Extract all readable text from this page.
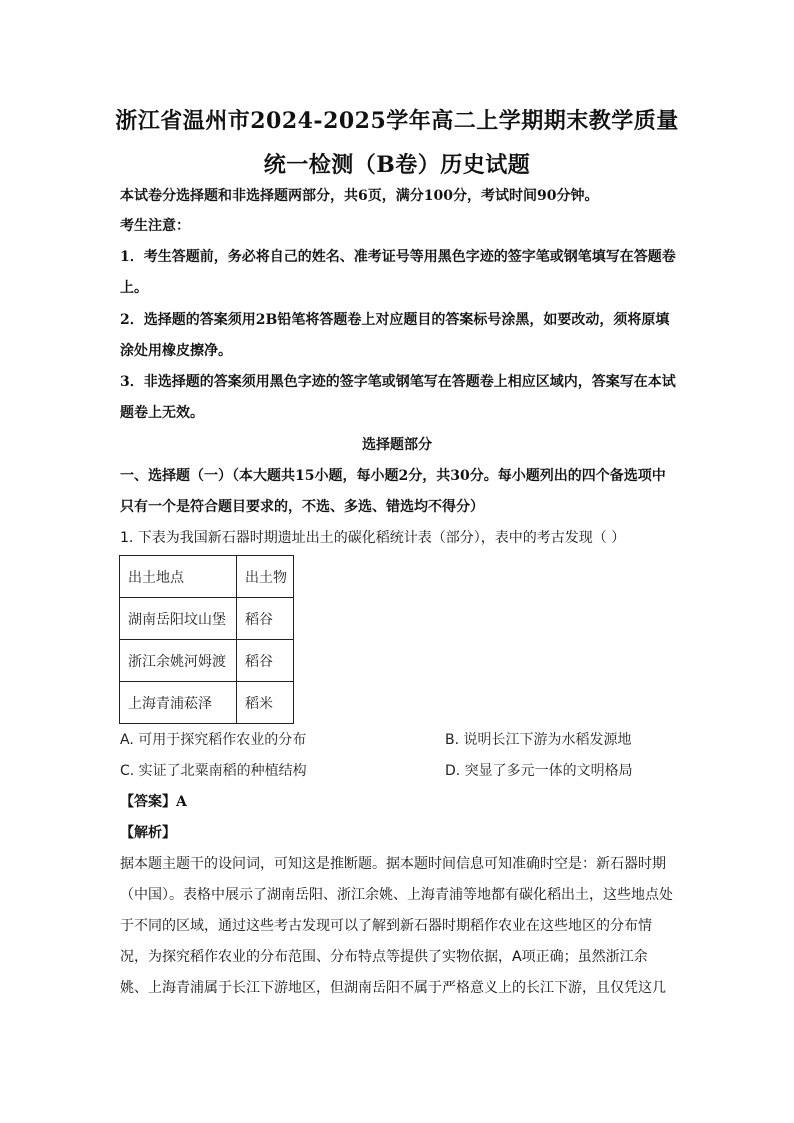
浙江省温州市2024-2025学年高二上学期期末教学质量
统一检测（B卷）历史试题

本试卷分选择题和非选择题两部分，共6页，满分100分，考试时间90分钟。

考生注意：

1．考生答题前，务必将自己的姓名、准考证号等用黑色字迹的签字笔或钢笔填写在答题卷

上。

2．选择题的答案须用2B铅笔将答题卷上对应题目的答案标号涂黑，如要改动，须将原填

涂处用橡皮擦净。

3．非选择题的答案须用黑色字迹的签字笔或钢笔写在答题卷上相应区域内，答案写在本试

题卷上无效。

选择题部分

一、选择题（一）（本大题共15小题，每小题2分，共30分。每小题列出的四个备选项中

只有一个是符合题目要求的，不选、多选、错选均不得分）

1. 下表为我国新石器时期遗址出土的碳化稻统计表（部分），表中的考古发现（ ）

出土地点	出土物
湖南岳阳坟山堡	稻谷
浙江余姚河姆渡	稻谷
上海青浦菘泽	稻米
A. 可用于探究稻作农业的分布	B. 说明长江下游为水稻发源地
C. 实证了北粟南稻的种植结构	D. 突显了多元一体的文明格局

【答案】A

【解析】

据本题主题干的设问词，可知这是推断题。据本题时间信息可知准确时空是：新石器时期

（中国）。表格中展示了湖南岳阳、浙江余姚、上海青浦等地都有碳化稻出土，这些地点处

于不同的区域，通过这些考古发现可以了解到新石器时期稻作农业在这些地区的分布情

况，为探究稻作农业的分布范围、分布特点等提供了实物依据，A项正确；虽然浙江余

姚、上海青浦属于长江下游地区，但湖南岳阳不属于严格意义上的长江下游，且仅凭这几
